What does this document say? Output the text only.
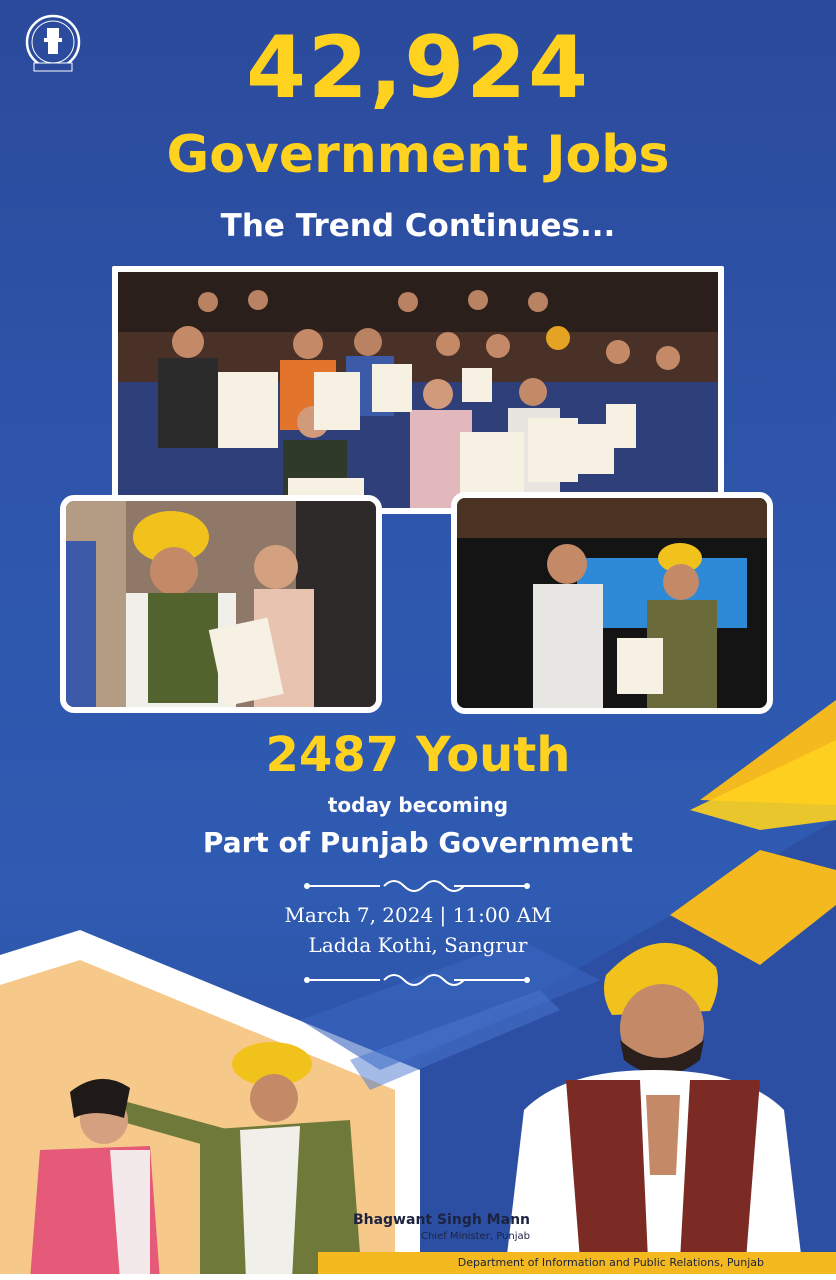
42,924
Government Jobs
The Trend Continues...
2487 Youth
today becoming
Part of Punjab Government
March 7, 2024 | 11:00 AM
Ladda Kothi, Sangrur
Bhagwant Singh Mann
Chief Minister, Punjab
Department of Information and Public Relations, Punjab
